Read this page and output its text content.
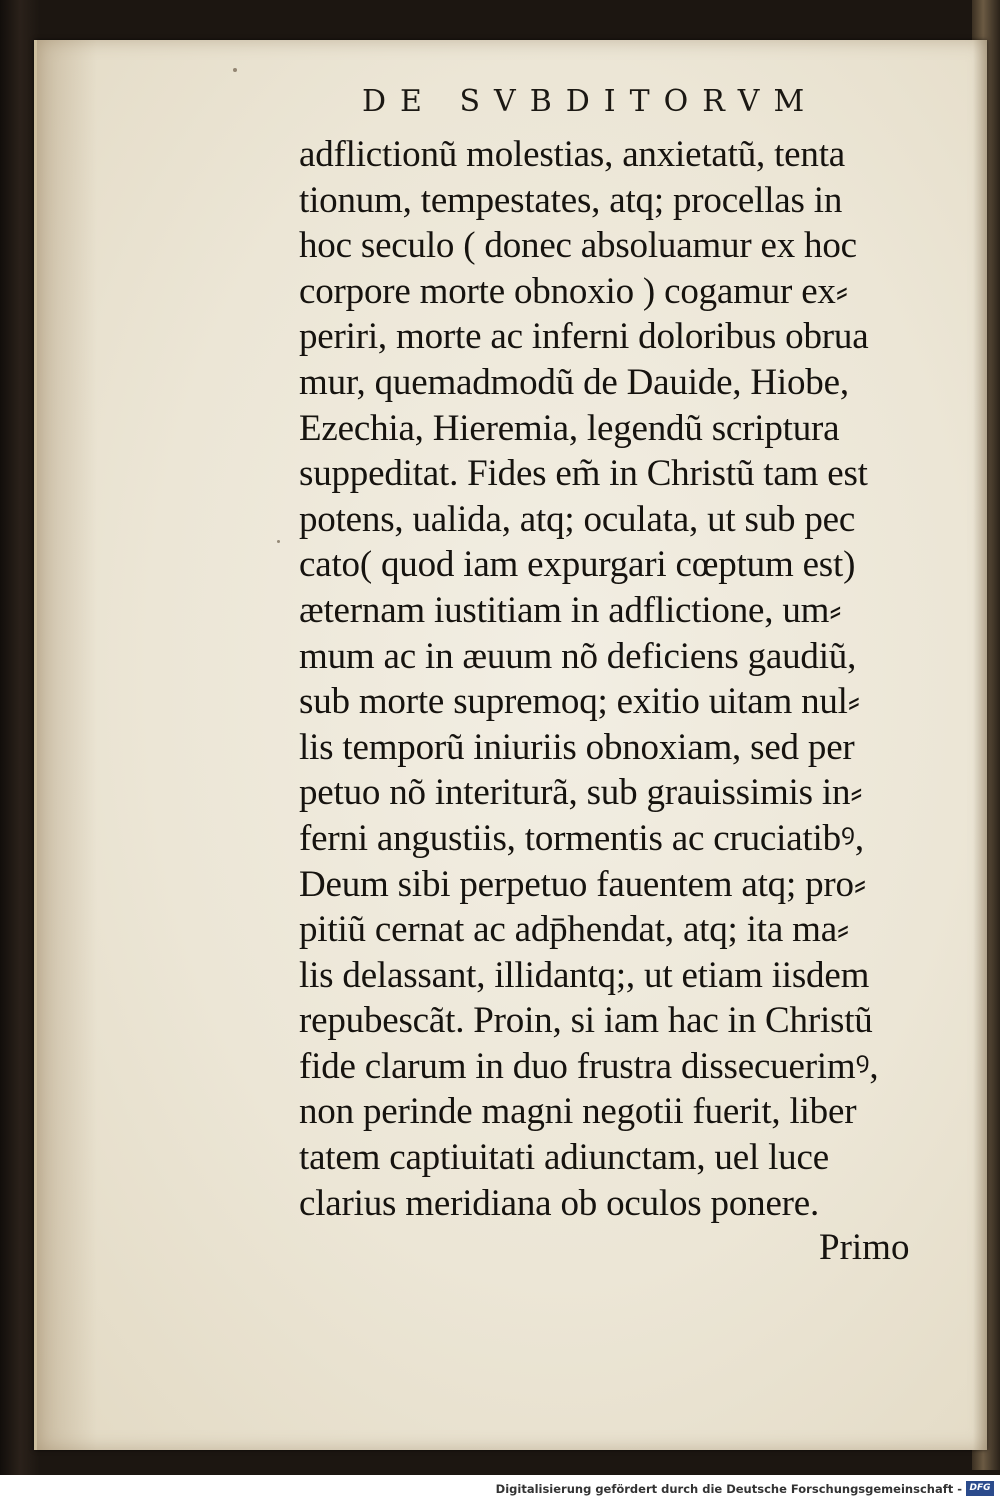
DE SVBDITORVM
adflictionũ molestias, anxietatũ, tenta
tionum, tempestates, atq; procellas in
hoc seculo ( donec absoluamur ex hoc
corpore morte obnoxio ) cogamur ex⸗
periri, morte ac inferni doloribus obrua
mur, quemadmodũ de Dauide, Hiobe,
Ezechia, Hieremia, legendũ scriptura
suppeditat. Fides em̃ in Christũ tam est
potens, ualida, atq; oculata, ut sub pec
cato( quod iam expurgari cœptum est)
æternam iustitiam in adflictione, um⸗
mum ac in æuum nõ deficiens gaudiũ,
sub morte supremoq; exitio uitam nul⸗
lis temporũ iniuriis obnoxiam, sed per
petuo nõ interiturã, sub grauissimis in⸗
ferni angustiis, tormentis ac cruciatibꝰ,
Deum sibi perpetuo fauentem atq; pro⸗
pitiũ cernat ac adp̄hendat, atq; ita ma⸗
lis delassant, illidantq;, ut etiam iisdem
repubescãt. Proin, si iam hac in Christũ
fide clarum in duo frustra dissecuerimꝰ,
non perinde magni negotii fuerit, liber
tatem captiuitati adiunctam, uel luce
clarius meridiana ob oculos ponere.
Primo
Digitalisierung gefördert durch die Deutsche Forschungsgemeinschaft - DFG
